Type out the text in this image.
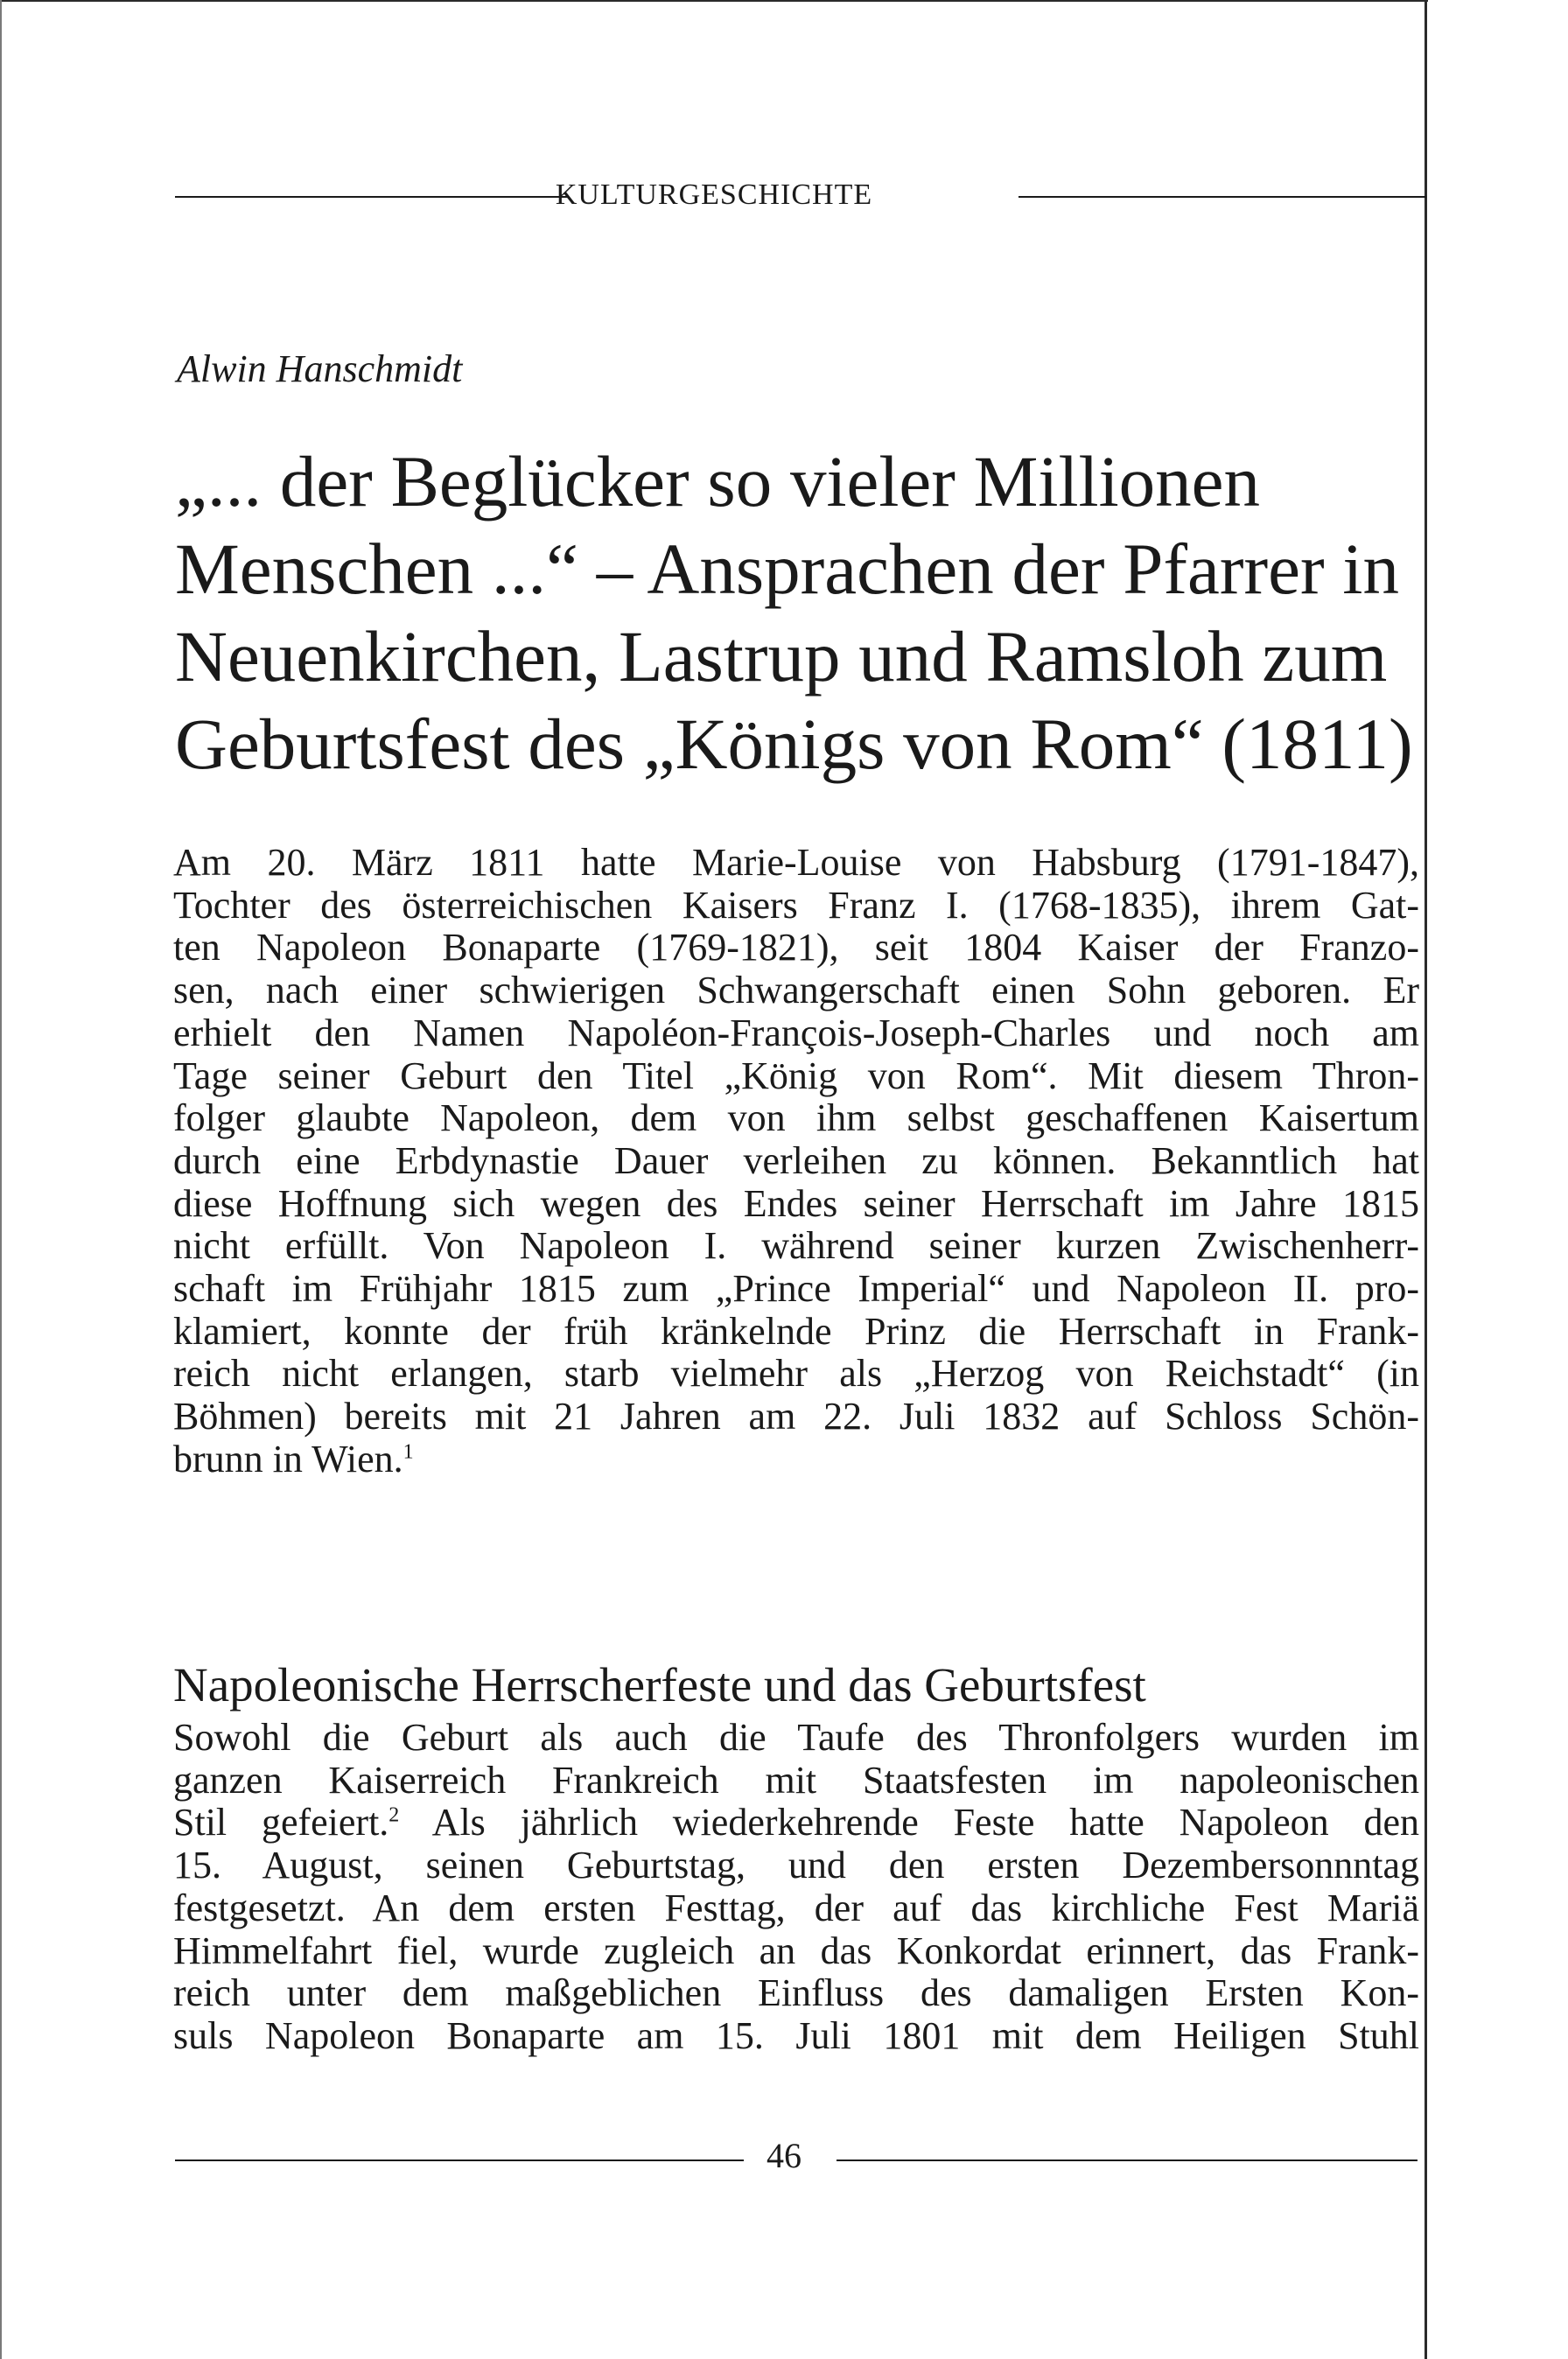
KULTURGESCHICHTE
Alwin Hanschmidt
„... der Beglücker so vieler Millionen
Menschen ...“ – Ansprachen der Pfarrer in
Neuenkirchen, Lastrup und Ramsloh zum
Geburtsfest des „Königs von Rom“ (1811)
Am 20. März 1811 hatte Marie-Louise von Habsburg (1791-1847),
Tochter des österreichischen Kaisers Franz I. (1768-1835), ihrem Gat-
ten Napoleon Bonaparte (1769-1821), seit 1804 Kaiser der Franzo-
sen, nach einer schwierigen Schwangerschaft einen Sohn geboren. Er
erhielt den Namen Napoléon-François-Joseph-Charles und noch am
Tage seiner Geburt den Titel „König von Rom“. Mit diesem Thron-
folger glaubte Napoleon, dem von ihm selbst geschaffenen Kaisertum
durch eine Erbdynastie Dauer verleihen zu können. Bekanntlich hat
diese Hoffnung sich wegen des Endes seiner Herrschaft im Jahre 1815
nicht erfüllt. Von Napoleon I. während seiner kurzen Zwischenherr-
schaft im Frühjahr 1815 zum „Prince Imperial“ und Napoleon II. pro-
klamiert, konnte der früh kränkelnde Prinz die Herrschaft in Frank-
reich nicht erlangen, starb vielmehr als „Herzog von Reichstadt“ (in
Böhmen) bereits mit 21 Jahren am 22. Juli 1832 auf Schloss Schön-
brunn in Wien.$^1$
Napoleonische Herrscherfeste und das Geburtsfest
Sowohl die Geburt als auch die Taufe des Thronfolgers wurden im
ganzen Kaiserreich Frankreich mit Staatsfesten im napoleonischen
Stil gefeiert.$^2$ Als jährlich wiederkehrende Feste hatte Napoleon den
15. August, seinen Geburtstag, und den ersten Dezembersonnntag
festgesetzt. An dem ersten Festtag, der auf das kirchliche Fest Mariä
Himmelfahrt fiel, wurde zugleich an das Konkordat erinnert, das Frank-
reich unter dem maßgeblichen Einfluss des damaligen Ersten Kon-
suls Napoleon Bonaparte am 15. Juli 1801 mit dem Heiligen Stuhl
46
